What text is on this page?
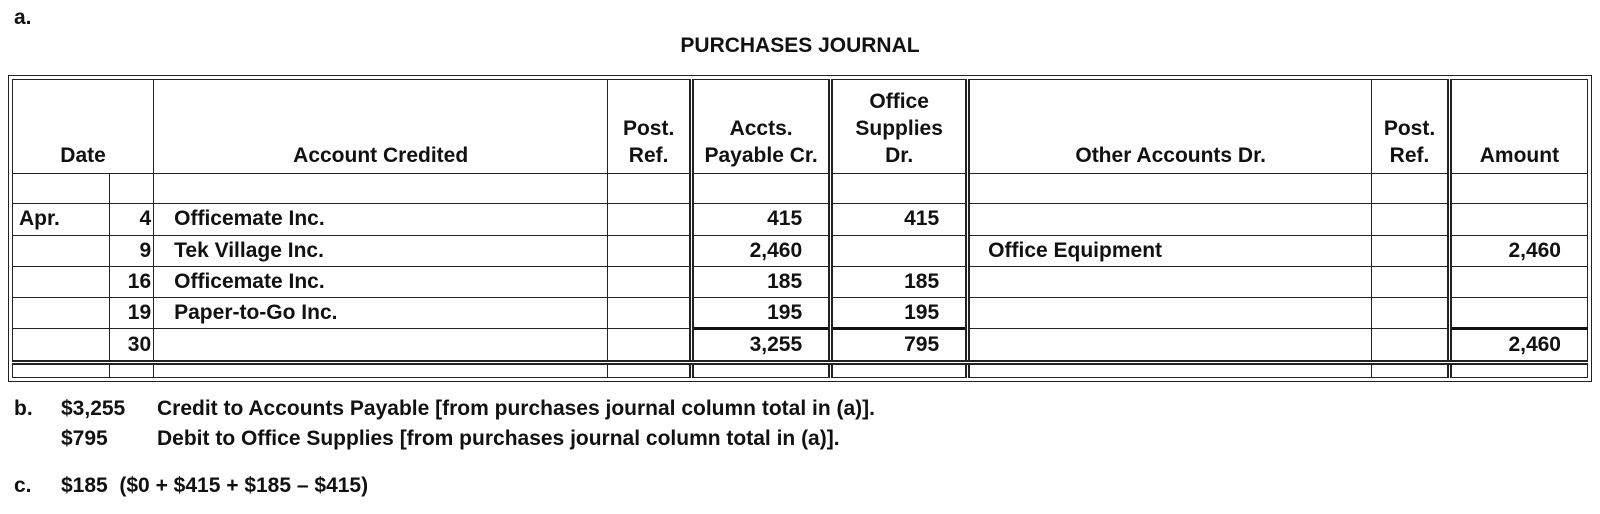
a.
PURCHASES JOURNAL
Date		Account Credited	Post. Ref.	Accts. Payable Cr.	Office Supplies Dr.	Other Accounts Dr.	Post. Ref.	Amount

Apr.	4	Officemate Inc.		415	415			
	9	Tek Village Inc.		2,460		Office Equipment		2,460
	16	Officemate Inc.		185	185			
	19	Paper-to-Go Inc.		195	195			
	30			3,255	795			2,460

b. $3,255 Credit to Accounts Payable [from purchases journal column total in (a)].
$795 Debit to Office Supplies [from purchases journal column total in (a)].
c. $185  ($0 + $415 + $185 – $415)
